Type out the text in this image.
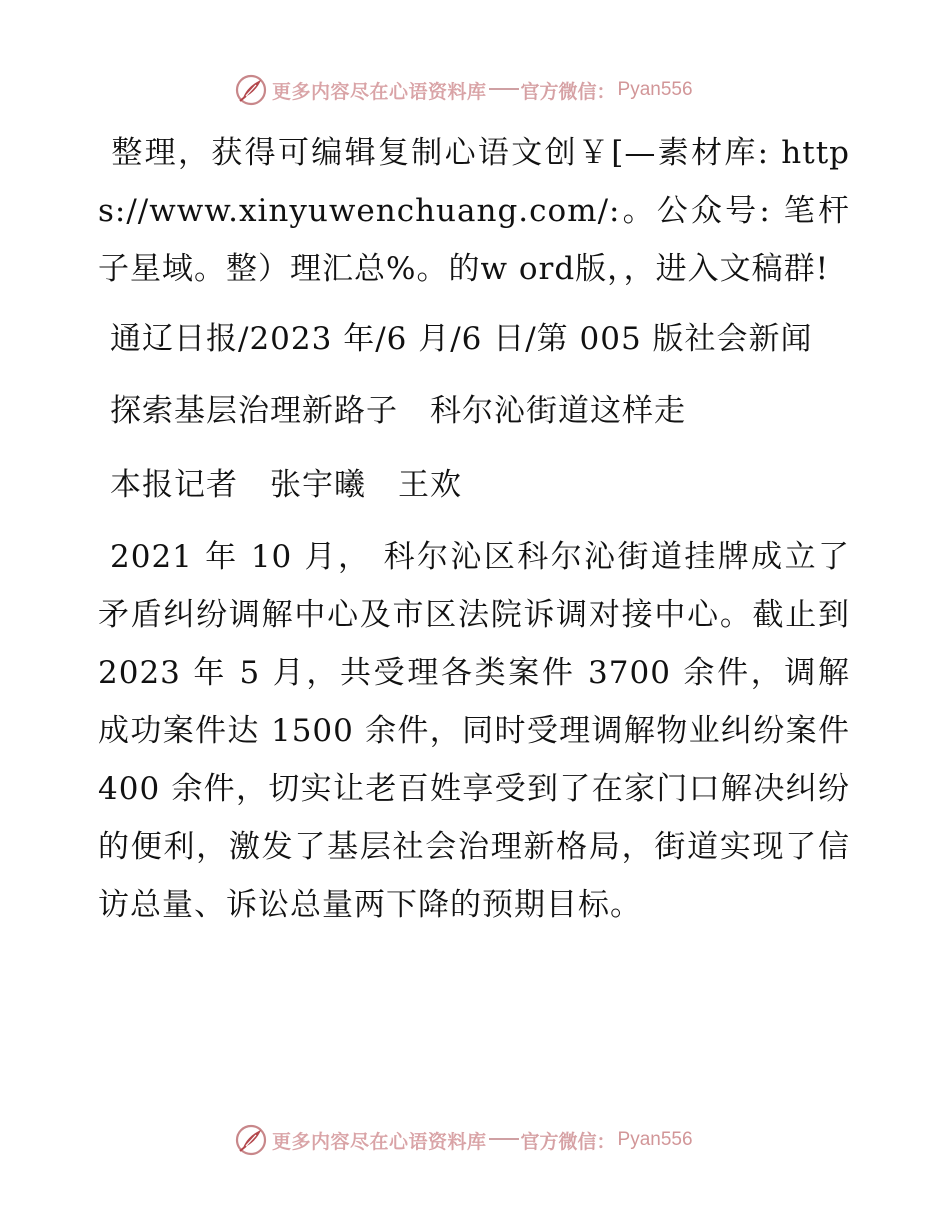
更多内容尽在心语资料库 官方微信： Pyan556

整理，获得可编辑复制心语文创￥[—素材库: https://www.xinyuwenchuang.com/:。公众号: 笔杆子星域。整）理汇总%。的w ord版，，进入文稿群!

通辽日报/2023 年/6 月/6 日/第 005 版社会新闻

探索基层治理新路子　科尔沁街道这样走

本报记者　张宇曦　王欢

2021 年 10 月， 科尔沁区科尔沁街道挂牌成立了矛盾纠纷调解中心及市区法院诉调对接中心。截止到 2023 年 5 月，共受理各类案件 3700 余件，调解成功案件达 1500 余件，同时受理调解物业纠纷案件 400 余件，切实让老百姓享受到了在家门口解决纠纷的便利，激发了基层社会治理新格局，街道实现了信访总量、诉讼总量两下降的预期目标。

更多内容尽在心语资料库 官方微信： Pyan556
